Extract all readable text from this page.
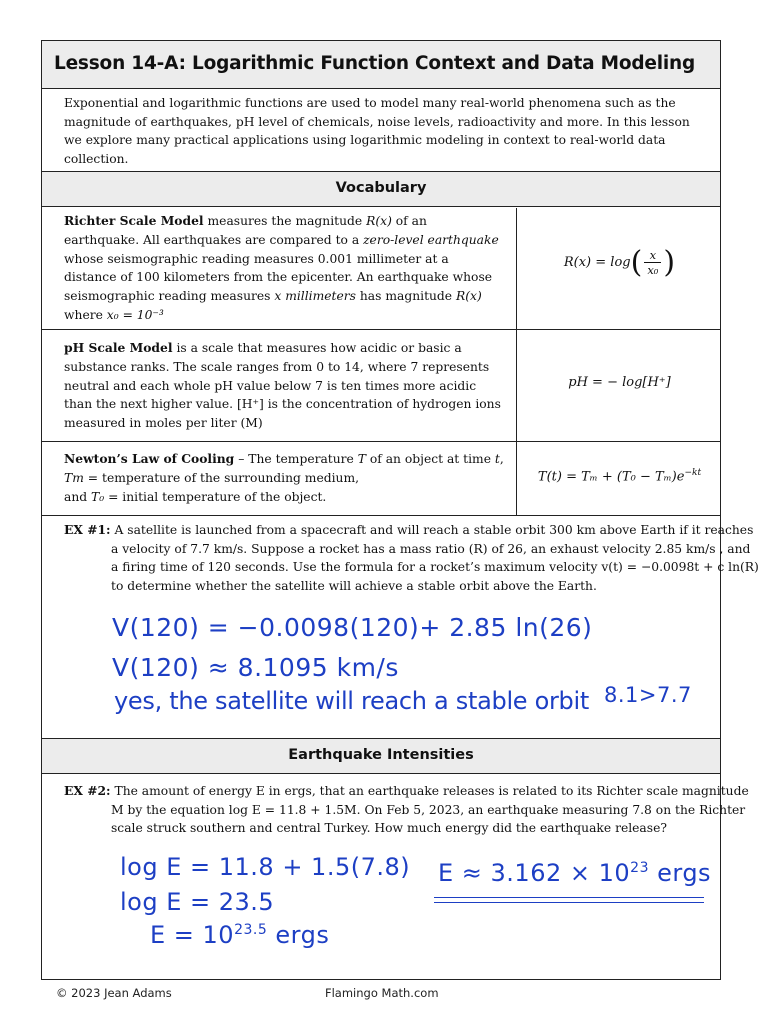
Lesson 14-A: Logarithmic Function Context and Data Modeling
Exponential and logarithmic functions are used to model many real-world phenomena such as the magnitude of earthquakes, pH level of chemicals, noise levels, radioactivity and more. In this lesson we explore many practical applications using logarithmic modeling in context to real-world data collection.
Vocabulary
Richter Scale Model measures the magnitude R(x) of an earthquake. All earthquakes are compared to a zero-level earthquake whose seismographic reading measures 0.001 millimeter at a distance of 100 kilometers from the epicenter. An earthquake whose seismographic reading measures x millimeters has magnitude R(x) where x₀ = 10⁻³
$R(x) = \log( \frac{x}{\text{x₀}}$ )
pH Scale Model is a scale that measures how acidic or basic a substance ranks. The scale ranges from 0 to 14, where 7 represents neutral and each whole pH value below 7 is ten times more acidic than the next higher value. [H⁺] is the concentration of hydrogen ions measured in moles per liter (M)
pH = − log[H⁺]
Newton’s Law of Cooling – The temperature T of an object at time t,
Tm = temperature of the surrounding medium,
and T₀ = initial temperature of the object.
$T(t) = T_m + (T_0 - T_m)e^{-kt}$
EX #1: A satellite is launched from a spacecraft and will reach a stable orbit 300 km above Earth if it reaches a velocity of 7.7 km/s. Suppose a rocket has a mass ratio (R) of 26, an exhaust velocity 2.85 km/s , and a firing time of 120 seconds. Use the formula for a rocket’s maximum velocity v(t) = −0.0098t + c ln(R) to determine whether the satellite will achieve a stable orbit above the Earth.
V(120) = −0.0098(120)+ 2.85 ln(26)
V(120) ≈ 8.1095 km/s
yes, the satellite will reach a stable orbit 8.1>7.7
Earthquake Intensities
EX #2: The amount of energy E in ergs, that an earthquake releases is related to its Richter scale magnitude M by the equation log E = 11.8 + 1.5M. On Feb 5, 2023, an earthquake measuring 7.8 on the Richter scale struck southern and central Turkey. How much energy did the earthquake release?
log E = 11.8 + 1.5(7.8)
log E = 23.5
$E = 10^{23.5}$ ergs
$E \approx 3.162 \times 10^{23}$ ergs
© 2023 Jean Adams	Flamingo Math.com
